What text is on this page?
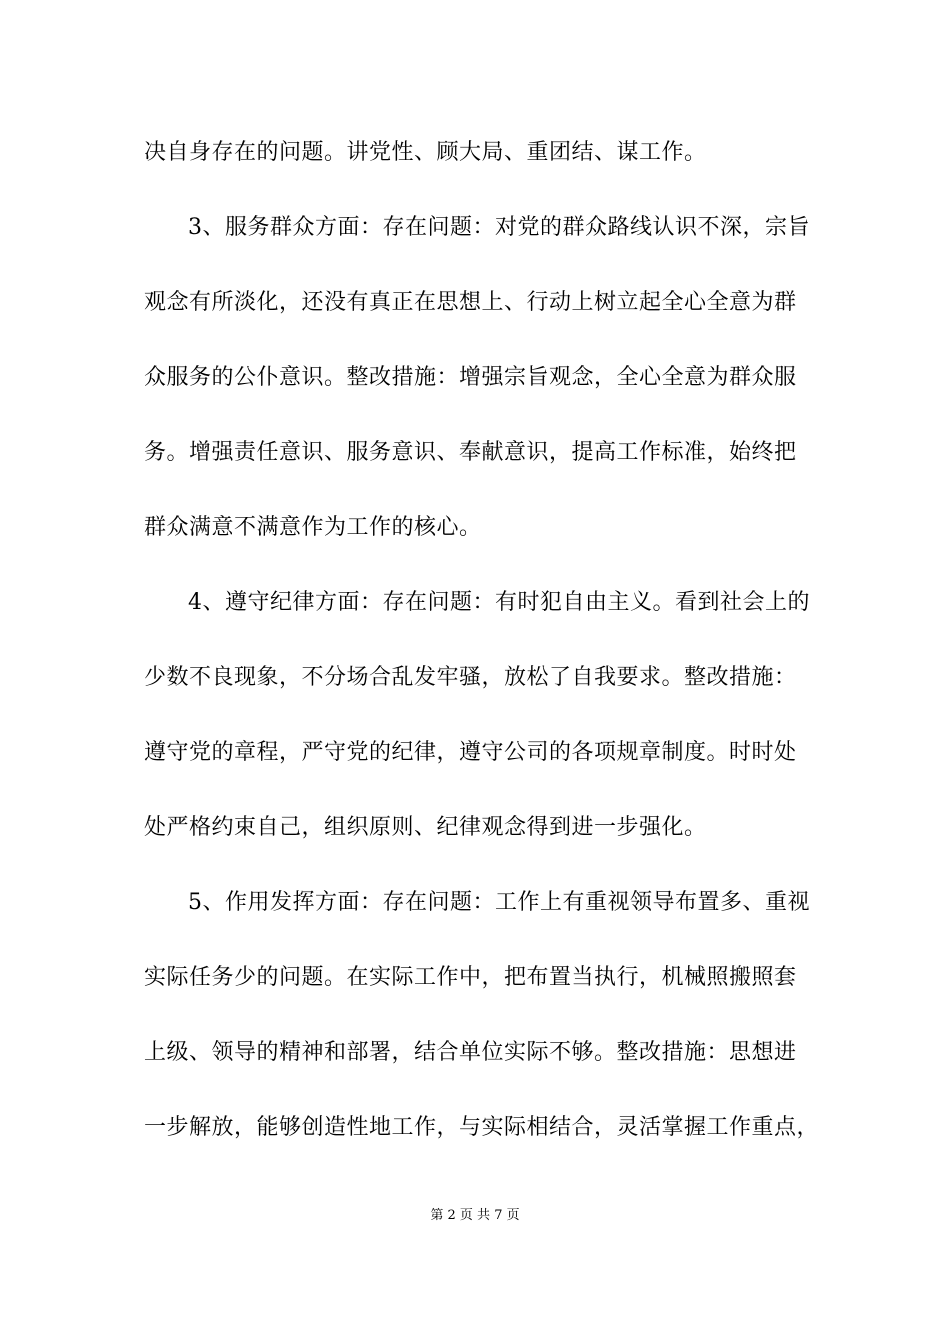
决自身存在的问题。讲党性、顾大局、重团结、谋工作。
3、服务群众方面：存在问题：对党的群众路线认识不深，宗旨
观念有所淡化，还没有真正在思想上、行动上树立起全心全意为群
众服务的公仆意识。整改措施：增强宗旨观念，全心全意为群众服
务。增强责任意识、服务意识、奉献意识，提高工作标准，始终把
群众满意不满意作为工作的核心。
4、遵守纪律方面：存在问题：有时犯自由主义。看到社会上的
少数不良现象，不分场合乱发牢骚，放松了自我要求。整改措施：
遵守党的章程，严守党的纪律，遵守公司的各项规章制度。时时处
处严格约束自己，组织原则、纪律观念得到进一步强化。
5、作用发挥方面：存在问题：工作上有重视领导布置多、重视
实际任务少的问题。在实际工作中，把布置当执行，机械照搬照套
上级、领导的精神和部署，结合单位实际不够。整改措施：思想进
一步解放，能够创造性地工作，与实际相结合，灵活掌握工作重点，
第 2 页 共 7 页
